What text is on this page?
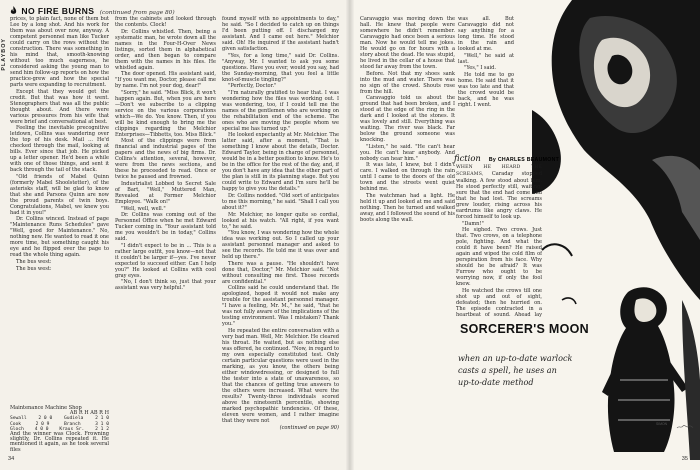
NO FIRE BURNS (continued from page 80)
PLAYBOY

prices, to plain fact, none of them but Lee by a long shot. And his work for them was about over now, anyway. A competent personnel man like Tucker could carry on the rows without the construction. There was something in his mind that, smooth-knowing without too much eagerness, he considered asking the young man to send him follow-up reports on how the practice-grew and how the special parts were expanding to recruitment.

Except that they would get the credit. But that was how it went. Stenographers that was all the public thought about. And there were various pressures from his wife that were brief and conversational at best.

Feeling the inevitable precognitive letdown, Collins was wandering over the top of his desk. Mail ... He'd checked through the mail, looking at bills. Ever since that job. He picked up a letter opener. He'd been a while with one of those things, and sent it back through the tail of the stack.

"Old friends of Mabel Quinn (formerly Mabel Shoolstetter), of the asterisks staff, will be glad to know that she and Parsons Quinn are now the proud parents of twin boys. Congratulations, Mabel, we knew you had it in you!"

Dr. Collins winced. Instead of page "Maintenance Runs Schedules" gave "Well, good for Maintenance." No, nothing new. He wanted to read it one more time, but something caught his eye and he flipped over the page to read the whole thing again.

The bus west:

The bus west:

from the cabinets and looked through the contents. Clock!

Dr. Collins whistled. Then, being a systematic man, he wrote down all the names in the Four-H-Over News listings, sorted them in alphabetical order, and then began to compare them with the names in his files. He whistled again.

The door opened. His assistant said, "If you want me, Doctor, please call me by name. I'm not your dog, dear!"

"Sorry," he said. "Miss Blick, it won't happen again. But, when you are here—Don't we subscribe to a clipping service on the various corporations which—We do. You know. Then, if you will be kind enough to bring me the clippings regarding the Melchior Enterprises—Tibbetts, too. Miss Blick."

Most of the clippings were from financial and industrial pages of the papers and the news of big firms. Dr. Collins's attention, several, however, were from the news sections, and these he proceeded to read. Once or twice he paused and frowned.

Industrialist Lobbed to Secret Sale of Bart, "Well," Muttered Man, Revealed at Former Melchior Employee. "Walk on!"

"Well, well, well."

Dr. Collins was coming out of the Personnel Office when he met Edward Tucker coming in. "Your assistant told me you wouldn't be in today," Collins said.

"I didn't expect to be in ... This is a rather large outfit, you know—not that it couldn't be larger if—yes. I've never expected to succeed either. Can I help you?" He looked at Collins with cool gray eyes.

"No, I don't think so, just that your assistant was very helpful."

found myself with no appointments to day," he said. "So I decided to catch up on things I'd been putting off. I discharged my assistant. And I came out here." Melchior said. Oh! He inquired if the assistant hadn't given satisfaction.

"Yes, for a long time," said Dr. Collins. "Anyway, Mr. I wanted to ask you some questions. Have you ever, would you say, had the Sunday-morning, that you feel a little knot-of-muscle tingling?"

"Perfectly, Doctor."

"I'm naturally gratified to hear that. I was wondering how the files was working out. I was wondering, too, if I could tell me the names of the gentlemen who are working on the rehabilitation end of the scheme. The ones who are moving the people whom we special me has turned up."

He looked expectantly at Mr. Melchior. The latter said, after a moment, "That is something I know about the details, Doctor. Edward Taylor, being in charge of personnel, would be in a better position to know. He's to be in the office for the rest of the day, and, if you don't have any idea that the other part of the plan is still in its planning stage. But you could write to Edward and I'm sure he'll be happy to give you the details."

Dr. Collins nodded. "Old sort of anticipates to me this morning," he said. "Shall I call you about it?"

Mr. Melchior, no longer quite so cordial, looked at his watch. "All right, if you want to," he said.

"You know, I was wondering how the whole idea was working out. So I called up your assistant personnel manager and asked to see the records. He told me it was over and held up there."

There was a pause. "He shouldn't have done that, Doctor," Mr. Melchior said. "Not without consulting me first. Those records are confidential."

Collins said he could understand that. He apologized, hoped it would not make any trouble for the assistant personnel manager. "I have a feeling, Mr. M.," he said, "that he was not fully aware of the implications of the testing environment. Was I mistaken? Thank you."

He repeated the entire conversation with a very bad man. Well, Mr. Melchior. He cleared his throat. He waited, but as nothing else was offered, he continued. "Now, in regard to my own especially constituted test. Only certain particular questions were used in the marking, as you know, the others being either windowdressing, or designed to full the tester into a state of unawareness, so that the chances of getting true answers to the others were increased. What were the results? Twenty-three individuals scored above the nineteenth percentile, showing marked psychopathic tendencies. Of these, eleven were women, and I rather imagine that they were not

(continued on page 90)
Maintenance Machine Shop
AB R H AB R H
Sewall	2 0 0	Gudiela	2 1 0
Cook	2 0 9	Branch	3 1 0
Gloch 4 0 0 Kraus Sr. 2 1 2
And the winner was Clock. Frowning slightly, Dr. Collins repeated it. He mentioned it again, as he took several files
34

Caravaggio was moving down the hall. He knew that people were somewhere he didn't remember. Caravaggio had once been a serious man. Now he would tell me jokes. He would go on for hours with a story about the dead. He was stupid, he lived in the cellar of a house that stood far away from the town.

Before. Not that my shoes sank into the mud and water. There was no sign of the crowd. Shouts rose from the hill.

Caravaggio told us about the ground that had been broken, and I stood at the edge of the ring in the dark and I looked at the stones. It was lovely and still. Everything was waiting. The river was black. Far below the ground someone was knocking.

"Listen," he said. "He can't hear you. He can't hear anybody. And nobody can hear him."

It was late, I knew, but I didn't care. I walked on through the rain until I came to the doors of the old town and the streets went quiet behind me.

The watchman had a light. He held it up and looked at me and said nothing. Then he turned and walked away, and I followed the sound of his boots along the wall.

was all. But Caravaggio did not say anything for a long time. He stood in the rain and looked at me.

"Well," he said at last.

"Yes," I said.

He told me to go home. He said that it was too late and that the crowd would be back, and he was right. I went.

fiction By CHARLES BEAUMONT

WHEN HE HEARD THE SCREAMS, Caraday stopped walking. A few stood about him. He stood perfectly still, waiting, sure that the end had come and that he had lost. The screams grew louder, rising across his eardrums like angry claws. He forced himself to look up.

"Damn!"

He sighed. Two crows. Just that. Two crows, on a telephone pole, fighting. And what the could it have been? He raised again and wiped the cold film of perspiration from his face. Why should he be afraid? It was Furrow who ought to be worrying now, if only the fool knew.

He watched the crows till one shot up and out of sight, defeated; then he hurried on. The episode contracted in a heartbeat of sound. Ahead lay

SORCERER'S MOON
when an up-to-date warlock
casts a spell, he uses an
up-to-date method
35
SIMON
